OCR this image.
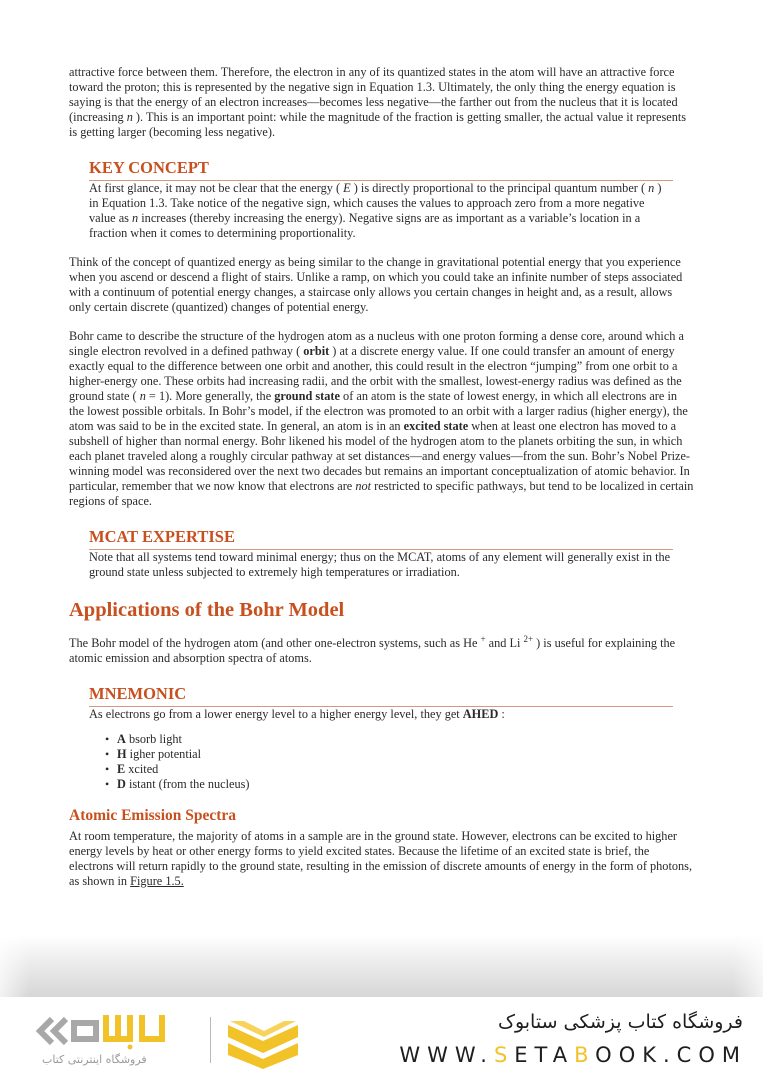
attractive force between them. Therefore, the electron in any of its quantized states in the atom will have an attractive force toward the proton; this is represented by the negative sign in Equation 1.3. Ultimately, the only thing the energy equation is saying is that the energy of an electron increases—becomes less negative—the farther out from the nucleus that it is located (increasing n ). This is an important point: while the magnitude of the fraction is getting smaller, the actual value it represents is getting larger (becoming less negative).

KEY CONCEPT

At first glance, it may not be clear that the energy ( E ) is directly proportional to the principal quantum number ( n ) in Equation 1.3. Take notice of the negative sign, which causes the values to approach zero from a more negative value as n increases (thereby increasing the energy). Negative signs are as important as a variable’s location in a fraction when it comes to determining proportionality.

Think of the concept of quantized energy as being similar to the change in gravitational potential energy that you experience when you ascend or descend a flight of stairs. Unlike a ramp, on which you could take an infinite number of steps associated with a continuum of potential energy changes, a staircase only allows you certain changes in height and, as a result, allows only certain discrete (quantized) changes of potential energy.

Bohr came to describe the structure of the hydrogen atom as a nucleus with one proton forming a dense core, around which a single electron revolved in a defined pathway ( orbit ) at a discrete energy value. If one could transfer an amount of energy exactly equal to the difference between one orbit and another, this could result in the electron “jumping” from one orbit to a higher-energy one. These orbits had increasing radii, and the orbit with the smallest, lowest-energy radius was defined as the ground state ( n = 1). More generally, the ground state of an atom is the state of lowest energy, in which all electrons are in the lowest possible orbitals. In Bohr’s model, if the electron was promoted to an orbit with a larger radius (higher energy), the atom was said to be in the excited state. In general, an atom is in an excited state when at least one electron has moved to a subshell of higher than normal energy. Bohr likened his model of the hydrogen atom to the planets orbiting the sun, in which each planet traveled along a roughly circular pathway at set distances—and energy values—from the sun. Bohr’s Nobel Prize-winning model was reconsidered over the next two decades but remains an important conceptualization of atomic behavior. In particular, remember that we now know that electrons are not restricted to specific pathways, but tend to be localized in certain regions of space.

MCAT EXPERTISE

Note that all systems tend toward minimal energy; thus on the MCAT, atoms of any element will generally exist in the ground state unless subjected to extremely high temperatures or irradiation.

Applications of the Bohr Model

The Bohr model of the hydrogen atom (and other one-electron systems, such as He + and Li $^{2+}$ ) is useful for explaining the atomic emission and absorption spectra of atoms.

MNEMONIC

As electrons go from a lower energy level to a higher energy level, they get AHED :

• A bsorb light
• H igher potential
• E xcited
• D istant (from the nucleus)
Atomic Emission Spectra

At room temperature, the majority of atoms in a sample are in the ground state. However, electrons can be excited to higher energy levels by heat or other energy forms to yield excited states. Because the lifetime of an excited state is brief, the electrons will return rapidly to the ground state, resulting in the emission of discrete amounts of energy in the form of photons, as shown in Figure 1.5.

فروشگاه اینترنتی کتاب
فروشگاه کتاب پزشکی ستابوک
WWW.SETABOOK.COM
